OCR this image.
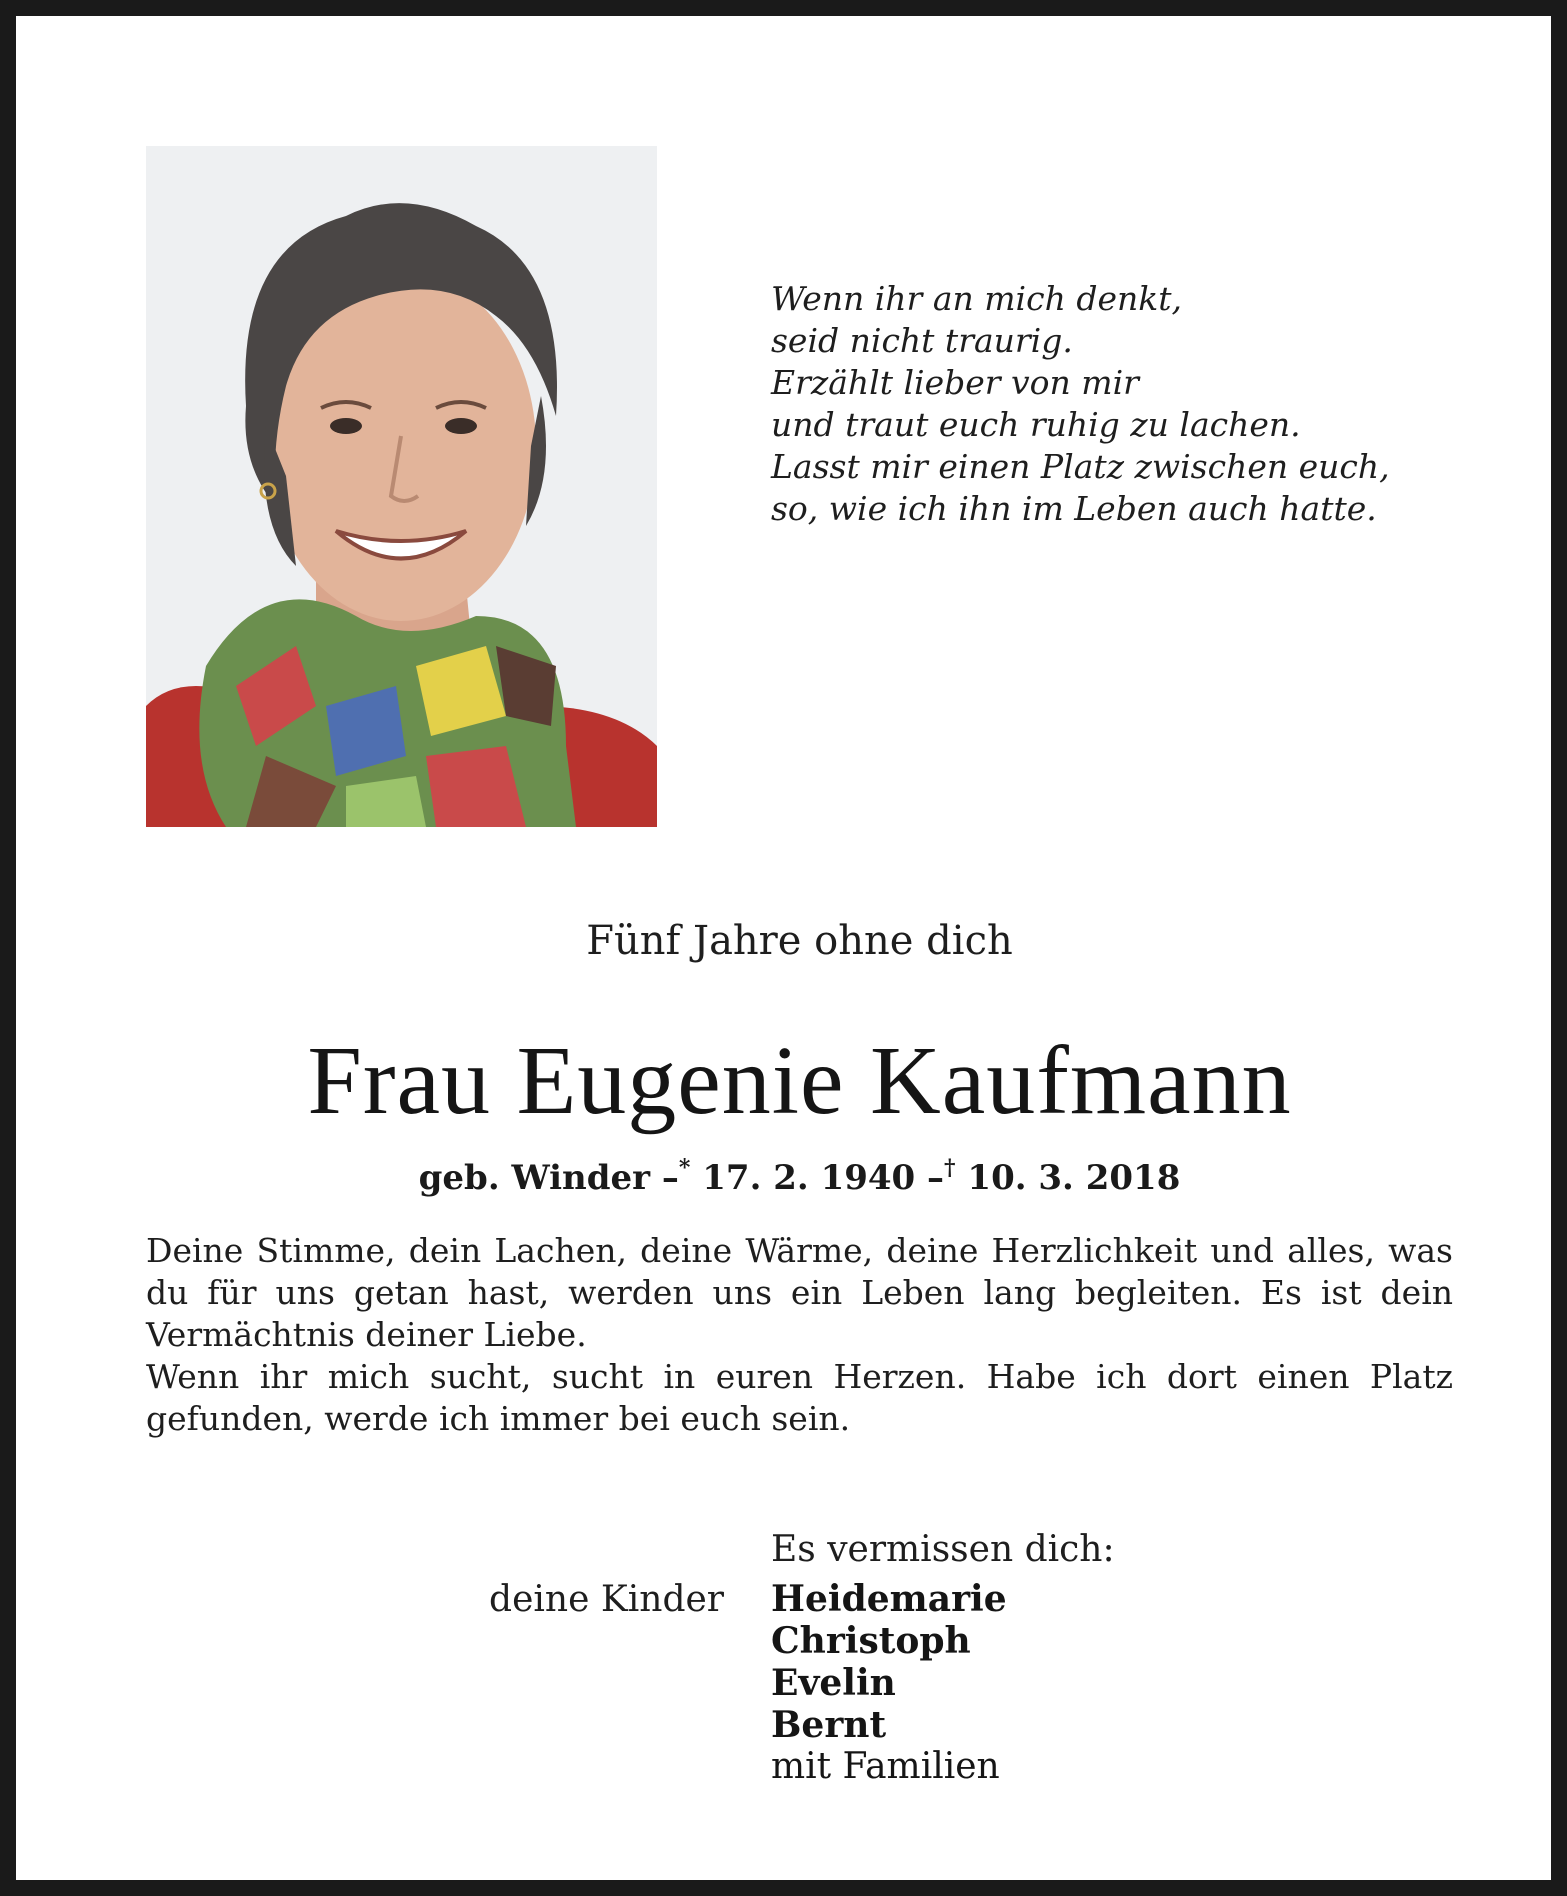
Wenn ihr an mich denkt,
seid nicht traurig.
Erzählt lieber von mir
und traut euch ruhig zu lachen.
Lasst mir einen Platz zwischen euch,
so, wie ich ihn im Leben auch hatte.
Fünf Jahre ohne dich
Frau Eugenie Kaufmann
geb. Winder –* 17. 2. 1940 –† 10. 3. 2018

Deine Stimme, dein Lachen, deine Wärme, deine Herzlichkeit und alles, was du für uns getan hast, werden uns ein Leben lang begleiten. Es ist dein Vermächtnis deiner Liebe.

Wenn ihr mich sucht, sucht in euren Herzen. Habe ich dort einen Platz gefunden, werde ich immer bei euch sein.

Es vermissen dich:
deine Kinder Heidemarie
Christoph
Evelin
Bernt
mit Familien
